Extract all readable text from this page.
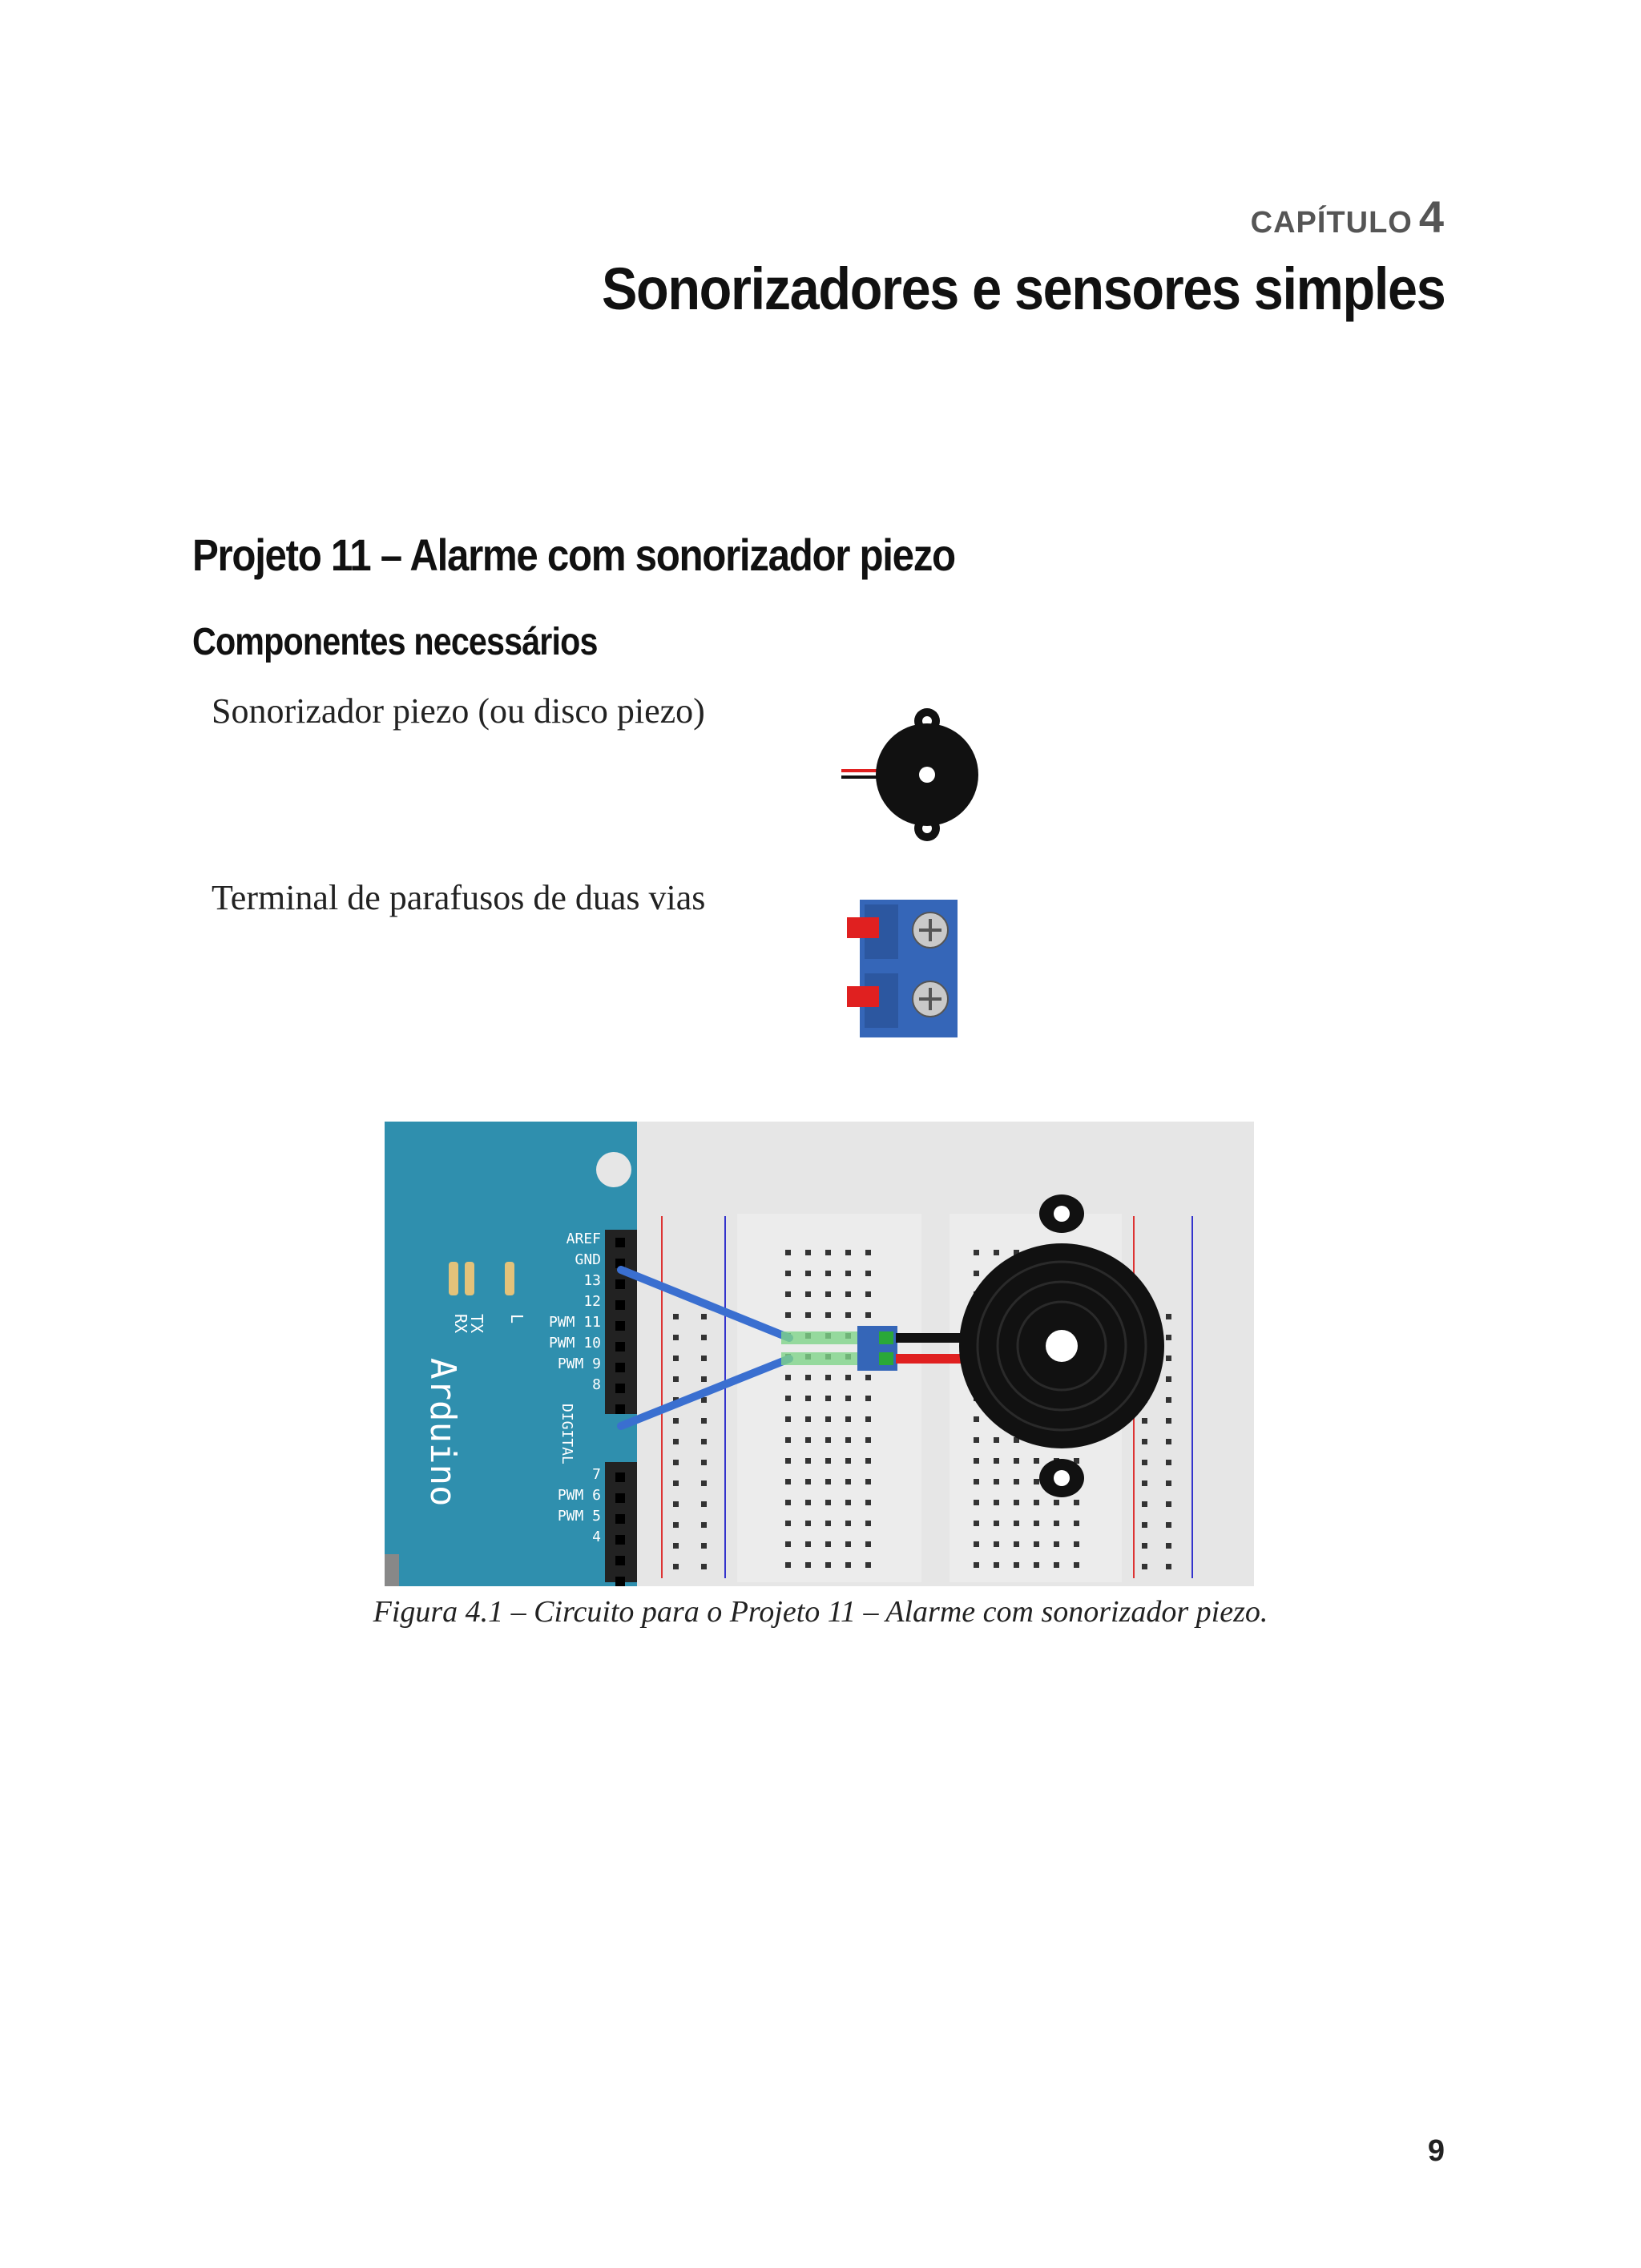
CAPÍTULO 4
Sonorizadores e sensores simples
Projeto 11 – Alarme com sonorizador piezo
Componentes necessários
Sonorizador piezo (ou disco piezo)
Terminal de parafusos de duas vias
RX
TX L
Arduino	DIGITAL
AREF
GND
13
12
PWM 11
PWM 10
PWM 9
8
7
PWM 6
PWM 5
4
Figura 4.1 – Circuito para o Projeto 11 – Alarme com sonorizador piezo.
9
